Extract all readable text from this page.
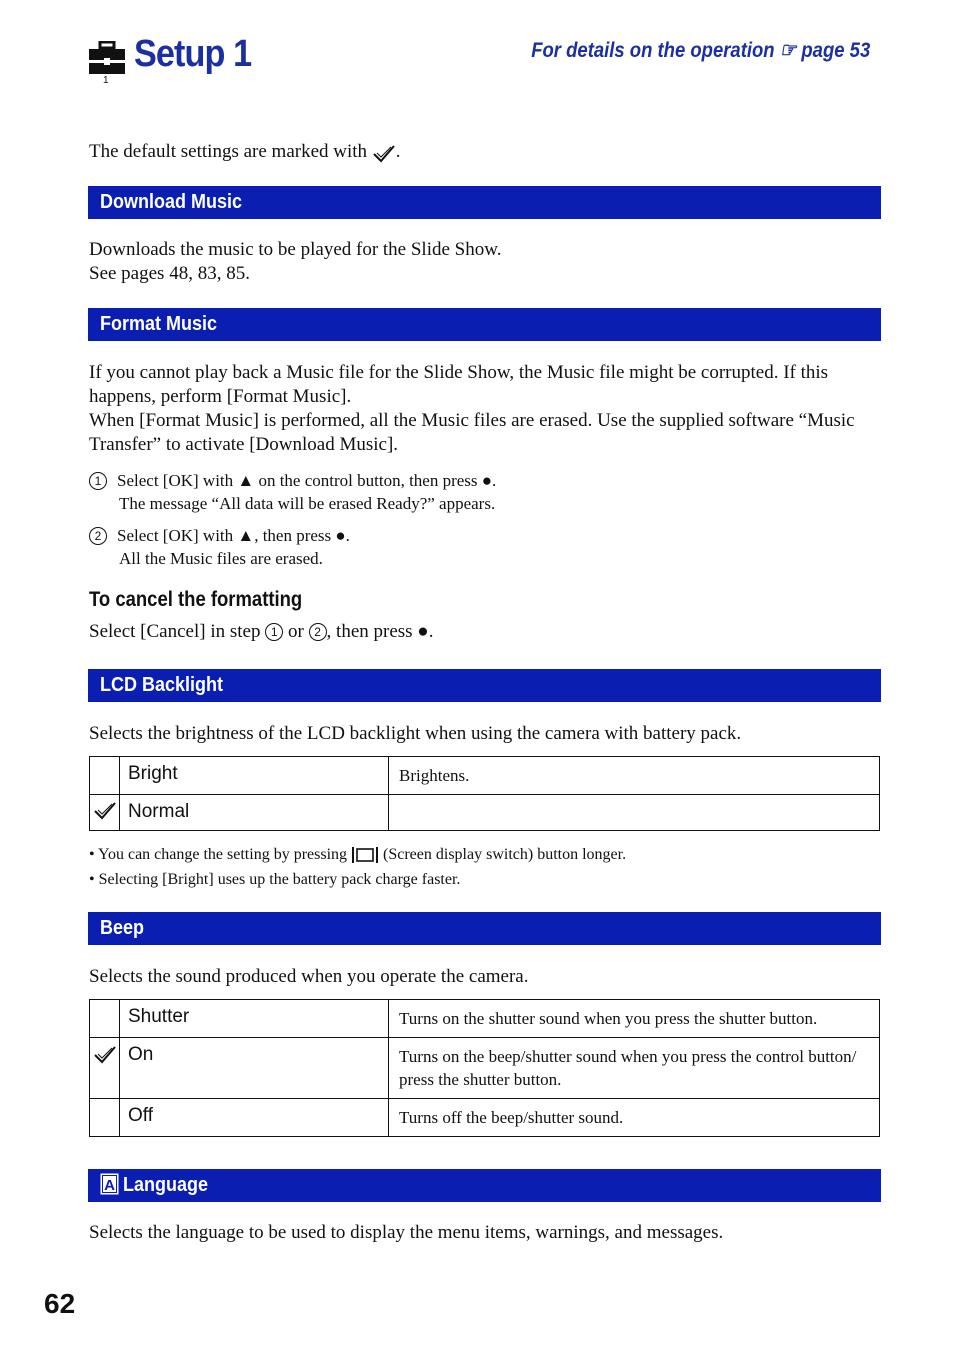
1
Setup 1	For details on the operation ☞ page 53
The default settings are marked with .
Download Music
Downloads the music to be played for the Slide Show.
See pages 48, 83, 85.
Format Music
If you cannot play back a Music file for the Slide Show, the Music file might be corrupted. If this happens, perform [Format Music].
When [Format Music] is performed, all the Music files are erased. Use the supplied software “Music Transfer” to activate [Download Music].
1 Select [OK] with ▲ on the control button, then press ●.
The message “All data will be erased Ready?” appears.
2 Select [OK] with ▲, then press ●.
All the Music files are erased.
To cancel the formatting
Select [Cancel] in step 1 or 2 , then press ●.
LCD Backlight
Selects the brightness of the LCD backlight when using the camera with battery pack.
	Bright	Brightens.
	Normal	
• You can change the setting by pressing (Screen display switch) button longer.
• Selecting [Bright] uses up the battery pack charge faster.
Beep
Selects the sound produced when you operate the camera.
	Shutter	Turns on the shutter sound when you press the shutter button.
	On	Turns on the beep/shutter sound when you press the control button/ press the shutter button.
	Off	Turns off the beep/shutter sound.
A Language
Selects the language to be used to display the menu items, warnings, and messages.
62
